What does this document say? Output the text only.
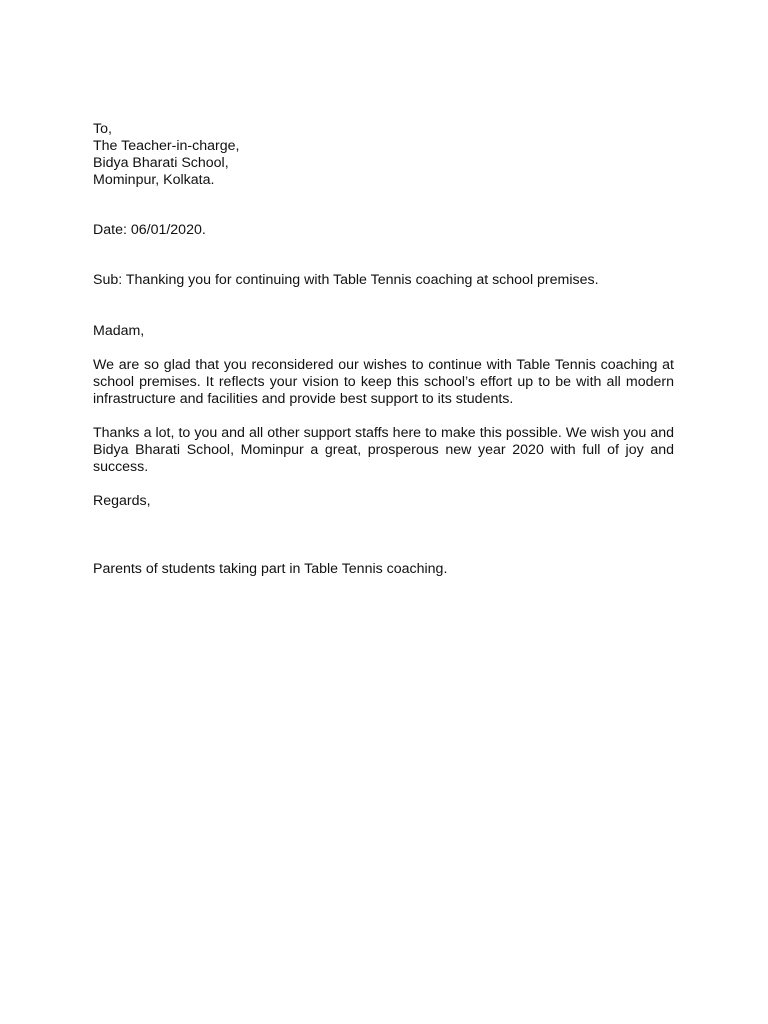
To,
The Teacher-in-charge,
Bidya Bharati School,
Mominpur, Kolkata.
Date: 06/01/2020.
Sub: Thanking you for continuing with Table Tennis coaching at school premises.
Madam,
We are so glad that you reconsidered our wishes to continue with Table Tennis coaching at school premises. It reflects your vision to keep this school’s effort up to be with all modern infrastructure and facilities and provide best support to its students.
Thanks a lot, to you and all other support staffs here to make this possible. We wish you and Bidya Bharati School, Mominpur a great, prosperous new year 2020 with full of joy and success.
Regards,
Parents of students taking part in Table Tennis coaching.
